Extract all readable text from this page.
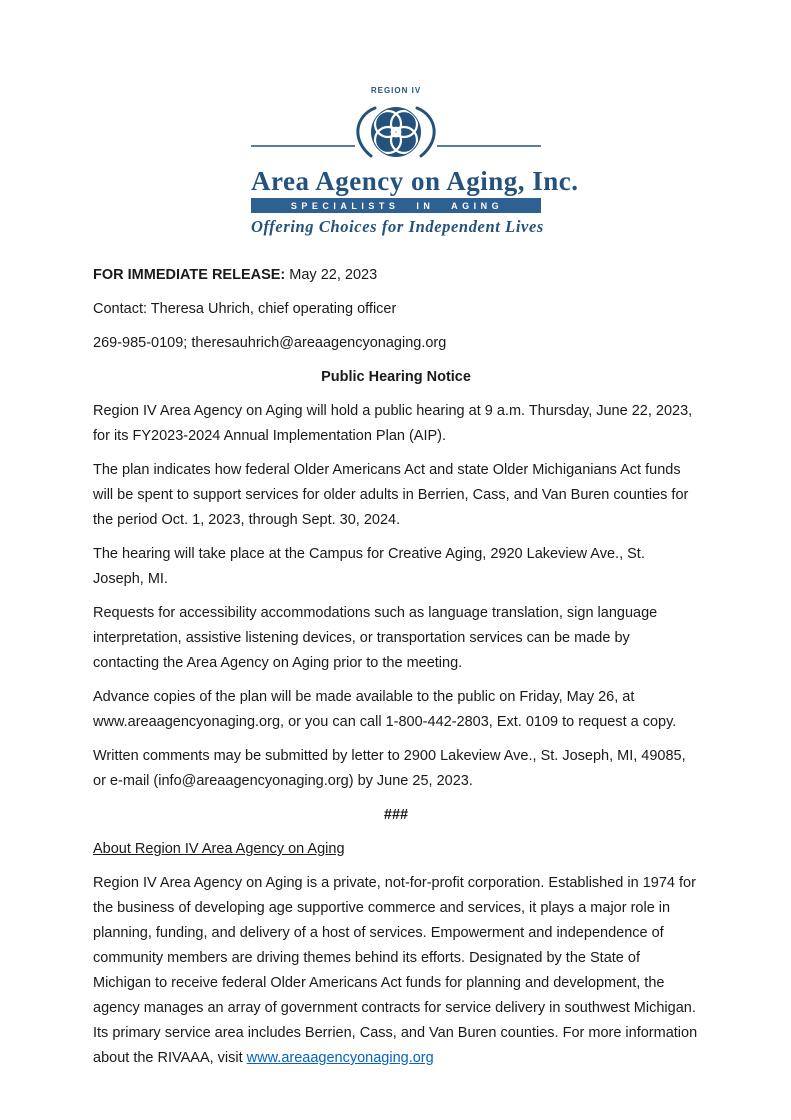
REGION IV
Area Agency on Aging, Inc.
SPECIALISTS IN AGING
Offering Choices for Independent Lives

FOR IMMEDIATE RELEASE: May 22, 2023

Contact: Theresa Uhrich, chief operating officer

269-985-0109; theresauhrich@areaagencyonaging.org

Public Hearing Notice

Region IV Area Agency on Aging will hold a public hearing at 9 a.m. Thursday, June 22, 2023, for its FY2023-2024 Annual Implementation Plan (AIP).

The plan indicates how federal Older Americans Act and state Older Michiganians Act funds will be spent to support services for older adults in Berrien, Cass, and Van Buren counties for the period Oct. 1, 2023, through Sept. 30, 2024.

The hearing will take place at the Campus for Creative Aging, 2920 Lakeview Ave., St. Joseph, MI.

Requests for accessibility accommodations such as language translation, sign language interpretation, assistive listening devices, or transportation services can be made by contacting the Area Agency on Aging prior to the meeting.

Advance copies of the plan will be made available to the public on Friday, May 26, at www.areaagencyonaging.org, or you can call 1-800-442-2803, Ext. 0109 to request a copy.

Written comments may be submitted by letter to 2900 Lakeview Ave., St. Joseph, MI, 49085, or e-mail (info@areaagencyonaging.org) by June 25, 2023.

###

About Region IV Area Agency on Aging

Region IV Area Agency on Aging is a private, not-for-profit corporation. Established in 1974 for the business of developing age supportive commerce and services, it plays a major role in planning, funding, and delivery of a host of services. Empowerment and independence of community members are driving themes behind its efforts. Designated by the State of Michigan to receive federal Older Americans Act funds for planning and development, the agency manages an array of government contracts for service delivery in southwest Michigan. Its primary service area includes Berrien, Cass, and Van Buren counties. For more information about the RIVAAA, visit www.areaagencyonaging.org
